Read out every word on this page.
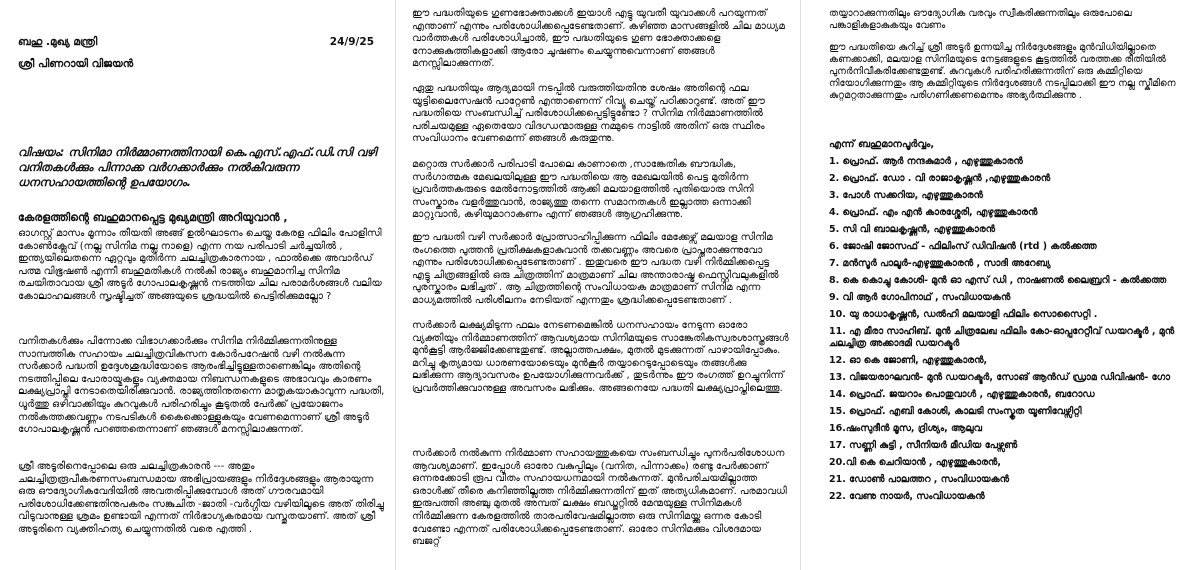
ബഹു .മുഖ്യ മന്ത്രി	24/9/25

ശ്രീ പിണറായി വിജയൻ

വിഷയം: സിനിമാ നിർമ്മാണത്തിനായി കെ.എസ്.എഫ്.ഡി.സി വഴി വനിതകൾക്കും പിന്നാക്ക വർഗക്കാർക്കും നൽകിവരുന്ന ധനസഹായത്തിന്റെ ഉപയോഗം.

കേരളത്തിന്റെ ബഹുമാനപ്പെട്ട മുഖ്യമന്ത്രി അറിയുവാൻ ,

ഓഗസ്റ്റ് മാസം മൂന്നാം തീയതി അങ്ങ് ഉൽഘാടനം ചെയ്ത കേരള ഫിലിം പോളിസി കോൺക്ലേവ് (നല്ല സിനിമ നല്ല നാളെ) എന്ന നയ പരിപാടി ചർച്ചയിൽ , ഇന്ത്യയിലെതന്നെ ഏറ്റവും മുതിർന്ന ചലച്ചിത്രകാരനായ , ഫാൽക്കെ അവാർഡ് പത്മ വിഭൂഷൺ എന്നീ ബഹുമതികൾ നൽകി രാജ്യം ബഹുമാനിച്ച സിനിമ രചയിതാവായ ശ്രീ അടൂർ ഗോപാലകൃഷ്ണൻ നടത്തിയ ചില പരാമർശങ്ങൾ വലിയ കോലാഹലങ്ങൾ സൃഷ്ടിച്ചത് അങ്ങയുടെ ശ്രദ്ധയിൽ പെട്ടിരിക്കുമല്ലോ ?

വനിതകൾക്കും പിന്നോക്ക വിഭാഗക്കാർക്കും സിനിമ നിർമ്മിക്കുന്നതിനുള്ള സാമ്പത്തിക സഹായം ചലച്ചിത്രവികസന കോർപറേഷൻ വഴി നൽകുന്ന സർക്കാർ പദ്ധതി ഉദ്ദേശശുദ്ധിയോടെ ആരംഭിച്ചിട്ടുള്ളതാണെങ്കിലും അതിന്റെ നടത്തിപ്പിലെ പോരായ്മകളും വ്യക്തമായ നിബന്ധനകളുടെ അഭാവവും കാരണം ലക്ഷ്യപ്രാപ്തി നേടാതെയിരിക്കുവാൻ. രാജ്യത്തിനുതന്നെ മാതൃകയാകാവുന്ന പദ്ധതി, ധൂർത്തു ഒഴിവാക്കിയും കുറവുകൾ പരിഹരിച്ചും കൂടുതൽ പേർക്ക് പ്രയോജനം നൽകത്തക്കവണ്ണം നടപടികൾ കൈക്കൊള്ളുകയും വേണമെന്നാണ് ശ്രീ അടൂർ ഗോപാലകൃഷ്ണൻ പറഞ്ഞതെന്നാണ് ഞങ്ങൾ മനസ്സിലാക്കുന്നത്.

ശ്രീ അടൂരിനെപ്പോലെ ഒരു ചലച്ചിത്രകാരൻ --- അതും ചലച്ചിത്രരൂപീകരണസംബന്ധമായ അഭിപ്രായങ്ങളും നിർദ്ദേശങ്ങളും ആരായുന്ന ഒരു ഔദ്യോഗികവേദിയിൽ അവതരിപ്പിക്കുമ്പോൾ അത് ഗൗരവമായി പരിശോധിക്കേണ്ടതിനുപകരം സങ്കുചിത -ജാതി -വർഗ്ഗീയ വഴിയിലൂടെ അത് തിരിച്ചു വിടുവാനുള്ള ശ്രമം ഉണ്ടായി എന്നത് നിർഭാഗ്യകരമായ വസ്തുതയാണ്. അത് ശ്രീ അടൂരിനെ വ്യക്തിഹത്യ ചെയ്യുന്നതിൽ വരെ എത്തി .

ഈ പദ്ധതിയുടെ ഗുണഭോക്താക്കൾ ഇയാൾ എട്ടു യുവതീ യുവാക്കൾ പറയുന്നത് എന്താണ് എന്നും പരിശോധിക്കപ്പെടേണ്ടതാണ്. കഴിഞ്ഞ മാസങ്ങളിൽ ചില മാധ്യമ വാർത്തകൾ പരിശോധിച്ചാൽ, ഈ പദ്ധതിയുടെ ഗുണ ഭോക്താക്കളെ നോക്കുകുത്തികളാക്കി ആരോ ചൂഷണം ചെയ്യുന്നുവെന്നാണ് ഞങ്ങൾ മനസ്സിലാക്കുന്നത്.

ഏതു പദ്ധതിയും ആദ്യമായി നടപ്പിൽ വരുത്തിയതിനു ശേഷം അതിന്റെ ഫല യൂട്ടിലൈസേഷൻ പാറ്റേൺ എന്താണെന്ന് റിവ്യൂ ചെയ്ത് പഠിക്കാറുണ്ട്. അത് ഈ പദ്ധതിയെ സംബന്ധിച്ച് പരിശോധിക്കപ്പെട്ടിട്ടുണ്ടോ ? സിനിമ നിർമ്മാണത്തിൽ പരിചയമുള്ള ഏതെയോ വിദഗ്ധന്മാരുള്ള നമ്മുടെ നാട്ടിൽ അതിന് ഒരു സ്ഥിരം സംവിധാനം വേണമെന്ന് ഞങ്ങൾ കരുതുന്നു.

മറ്റൊരു സർക്കാർ പരിപാടി പോലെ കാണാതെ ,സാങ്കേതിക ബൗദ്ധിക, സർഗാത്മക മേഖലയിലുള്ള ഈ പദ്ധതിയെ ആ മേഖലയിൽ പെട്ട മുതിർന്ന പ്രവർത്തകരുടെ മേൽനോട്ടത്തിൽ ആക്കി മലയാളത്തിൽ പുതിയൊരു സിനി സംസ്കാരം വളർത്തുവാൻ, രാജ്യത്തു തന്നെ സമാനതകൾ ഇല്ലാത്ത ഒന്നാക്കി മാറ്റുവാൻ, കഴിയുമാറാകണം എന്ന് ഞങ്ങൾ ആഗ്രഹിക്കുന്നു.

ഈ പദ്ധതി വഴി സർക്കാർ പ്രോത്സാഹിപ്പിക്കുന്ന ഫിലിം മേക്കേഴ്സ് മലയാള സിനിമ രംഗത്തെ പുത്തൻ പ്രതീക്ഷകളാകുവാൻ തക്കവണ്ണം അവരെ പ്രാപ്തരാക്കുന്നുവോ എന്നും പരിശോധിക്കപ്പെടേണ്ടതാണ് . ഇതുവരെ ഈ പദ്ധത വഴി നിർമ്മിക്കപ്പെട്ട എട്ടു ചിത്രങ്ങളിൽ ഒരു ചിത്രത്തിന് മാത്രമാണ് ചില അന്താരാഷ്ട്ര ഫെസ്റ്റിവലുകളിൽ പുരസ്കാരം ലഭിച്ചത് . ആ ചിത്രത്തിന്റെ സംവിധായക മാത്രമാണ് സിനിമ എന്ന മാധ്യമത്തിൽ പരിശീലനം നേടിയത് എന്നതും ശ്രദ്ധിക്കപ്പെടേണ്ടതാണ് .

സർക്കാർ ലക്ഷ്യമിടുന്ന ഫലം നേടണമെങ്കിൽ ധനസഹായം നേടുന്ന ഓരോ വ്യക്തിയും നിർമ്മാണത്തിന് ആവശ്യമായ സിനിമയുടെ സാങ്കേതികസ്വരശാസ്ത്രങ്ങൾ മുൻകൂട്ടി ആർജ്ജിക്കേണ്ടതുണ്ട്. അല്ലാത്തപക്ഷം, മുതൽ മുടക്കുന്നത് പാഴായിപ്പോകും. മറിച്ചു കൃത്യമായ ധാരണയോടെയും മുൻകൂർ തയ്യാറെടുപ്പോടെയും തങ്ങൾക്കു ലഭിക്കുന്ന ആദ്യാവസരം ഉപയോഗിക്കുന്നവർക്ക് , തുടർന്നും ഈ രംഗത്ത് ഉറച്ചുനിന്ന് പ്രവർത്തിക്കുവാനുള്ള അവസരം ലഭിക്കും. അങ്ങനെയേ പദ്ധതി ലക്ഷ്യപ്രാപ്തിലെത്തൂ.

സർക്കാർ നൽകുന്ന നിർമ്മാണ സഹായത്തുകയെ സംബന്ധിച്ചും പുനർപരിശോധന ആവശ്യമാണ്. ഇപ്പോൾ ഓരോ വകുപ്പിലും (വനിത, പിന്നാക്കം) രണ്ടു പേർക്കാണ് ഒന്നരക്കോടി രൂപ വീതം സഹായധനമായി നൽകുന്നത്. മുൻപരിചയമില്ലാത്ത ഒരാൾക്ക് തീരെ കനിഞ്ഞില്ലത്ത നിർമ്മിക്കുന്നതിന് ഇത് അത്യധികമാണ്. പരമാവധി ഇരുപത്തി അഞ്ചു മുതൽ അമ്പത് ലക്ഷം ബഡ്ജറ്റിൽ മേന്മയുള്ള സിനിമകൾ നിർമ്മിക്കുന്ന കേരളത്തിൽ താരപരിവേഷമില്ലാത്ത ഒരു സിനിമയ്ക്കു ഒന്നര കോടി വേണ്ടോ എന്നത് പരിശോധിക്കപ്പെടേണ്ടതാണ്. ഓരോ സിനിമക്കും വിശദമായ ബജറ്റ്

തയ്യാറാക്കുന്നതിലും ഔദ്യോഗിക വരവും സ്വീകരിക്കുന്നതിലും ഒരുപോലെ പങ്കാളികളാകുകയും വേണം

ഈ പദ്ധതിയെ കുറിച്ച് ശ്രീ അടൂർ ഉന്നയിച്ച നിർദ്ദേശങ്ങളും മുൻവിധിയില്ലാതെ കണക്കാക്കി, മലയാള സിനിമയുടെ നേട്ടങ്ങളുടെ കൂട്ടത്തിൽ വരത്തക്ക രീതിയിൽ പുനർനിവീകരിക്കേണ്ടതുണ്ട്. കുറവുകൾ പരിഹരിക്കുന്നതിന് ഒരു കമ്മിറ്റിയെ നിയോഗിക്കുന്നതും ആ കമ്മിറ്റിയുടെ നിർദ്ദേശങ്ങൾ നടപ്പിലാക്കി ഈ നല്ല സ്കീമിനെ കുറ്റമറ്റതാക്കുന്നതും പരിഗണിക്കണമെന്നും അഭ്യർത്ഥിക്കുന്നു .

എന്ന് ബഹുമാനപൂർവ്വം,

1. പ്രൊഫ്. ആർ നന്ദകുമാർ , എഴുത്തുകാരൻ
2. പ്രൊഫ്. ഡോ . വി രാജാകൃഷ്ണൻ ,എഴുത്തുകാരൻ
3. പോൾ സക്കറിയ, എഴുത്തുകാരൻ
4. പ്രൊഫ്. എം എൻ കാരശ്ശേരി, എഴുത്തുകാരൻ
5. സി വി ബാലകൃഷ്ണൻ, എഴുത്തുകാരൻ
6. ജോഷി ജോസഫ് - ഫിലിംസ് ഡിവിഷൻ (rtd ) കൽക്കത്ത
7. മൻസൂർ പാലൂർ-എഴുത്തുകാരൻ , സാദി അറേബ്യ
8. കെ കൊച്ചു കോശി- മുൻ ഓ എസ് ഡി , നാഷണൽ ലൈബ്രറി - കൽക്കത്ത
9. വി ആർ ഗോപിനാഥ് , സംവിധായകൻ
10. യു രാധാകൃഷ്ണൻ, ഡൽഹി മലയാളി ഫിലിം സൊസൈറ്റി .
11. എ മീരാ സാഹിബ്. മുൻ ചിത്രലേഖ ഫിലിം കോ-ഓപ്പറേറ്റീവ് ഡയറക്ടർ , മുൻ ചലച്ചിത്ര അക്കാദമി ഡയറക്ടർ
12. ഓ കെ ജോണി, എഴുത്തുകാരൻ,
13. വിജയരാഘവൻ- മുൻ ഡയറക്ടർ, സോങ് ആൻഡ് ഡ്രാമ ഡിവിഷൻ- ഗോ
14. പ്രൊഫ്. ജയറാം പൊതുവാൾ , എഴുത്തുകാരൻ, ബറോഡ
15. പ്രൊഫ്. എബി കോശി, കാലടി സംസ്കൃത യൂണിവേഴ്സിറ്റി
16.ഷംസുദീൻ മൂസ, ദ്രിശ്യം, ആലുവ
17. സണ്ണി കുട്ടി , സീനിയർ മീഡിയ പേഴ്സൺ
20.വി കെ ചെറിയാൻ , എഴുത്തുകാരൻ,
21. ഡോൺ പാലത്തറ , സംവിധായകൻ
22. വേണു നായർ, സംവിധായകൻ
